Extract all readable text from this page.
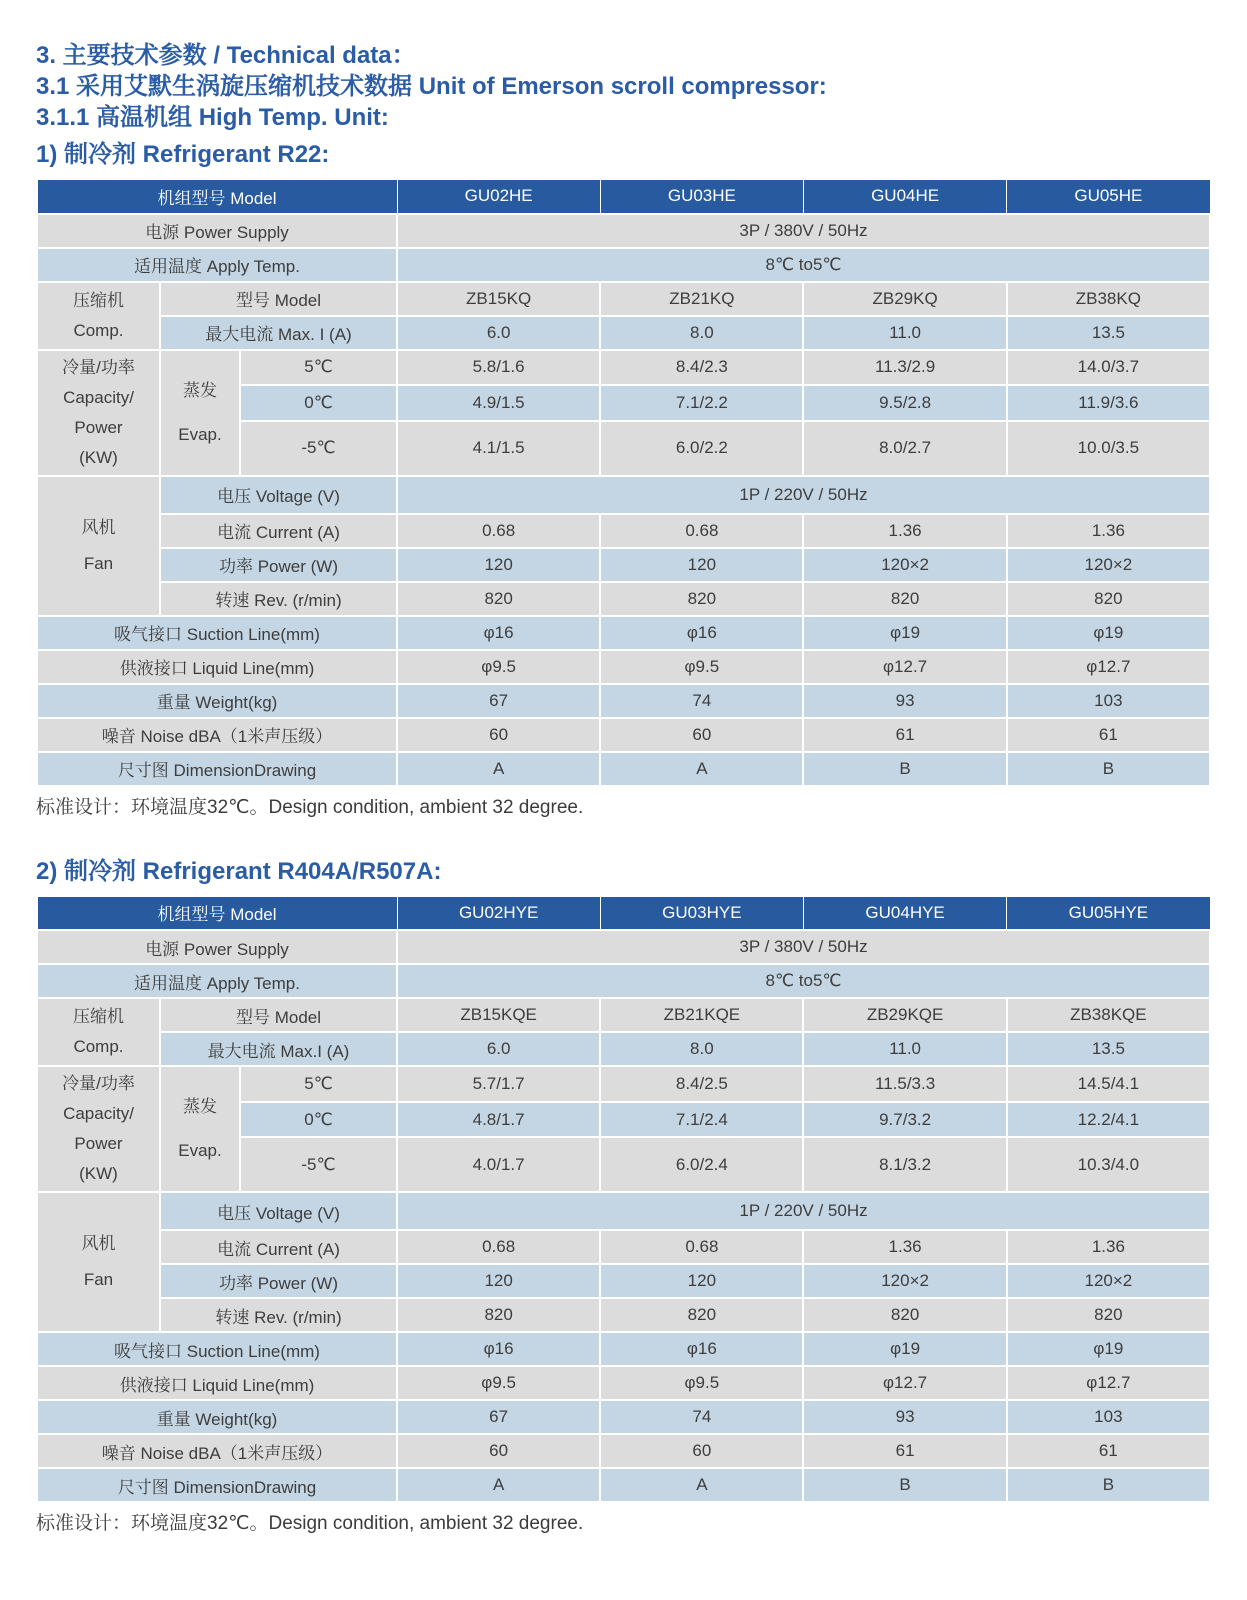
3. 主要技术参数 / Technical data：
3.1 采用艾默生涡旋压缩机技术数据 Unit of Emerson scroll compressor:
3.1.1 高温机组 High Temp. Unit:
1) 制冷剂 Refrigerant R22:
机组型号 Model			GU02HE	GU03HE	GU04HE	GU05HE
电源 Power Supply			3P / 380V / 50Hz			
适用温度 Apply Temp.			8℃ to5℃			

压缩机
Comp.	型号 Model		ZB15KQ	ZB21KQ	ZB29KQ	ZB38KQ
	最大电流 Max. I (A)		6.0	8.0	11.0	13.5

冷量/功率
Capacity/
Power
(KW)

蒸发
Evap.
	5℃	5.8/1.6	8.4/2.3	11.3/2.9	14.0/3.7
		0℃	4.9/1.5	7.1/2.2	9.5/2.8	11.9/3.6
		-5℃	4.1/1.5	6.0/2.2	8.0/2.7	10.0/3.5

风机
Fan	电压 Voltage (V)		1P / 220V / 50Hz			
	电流 Current (A)		0.68	0.68	1.36	1.36
	功率 Power (W)		120	120	120×2	120×2
	转速 Rev. (r/min)		820	820	820	820
吸气接口 Suction Line(mm)			φ16	φ16	φ19	φ19
供液接口 Liquid Line(mm)			φ9.5	φ9.5	φ12.7	φ12.7
重量 Weight(kg)			67	74	93	103
噪音 Noise dBA（1米声压级）			60	60	61	61
尺寸图 DimensionDrawing			A	A	B	B

标准设计：环境温度32℃。Design condition, ambient 32 degree.

2) 制冷剂 Refrigerant R404A/R507A:
机组型号 Model			GU02HYE	GU03HYE	GU04HYE	GU05HYE
电源 Power Supply			3P / 380V / 50Hz			
适用温度 Apply Temp.			8℃ to5℃			

压缩机
Comp.	型号 Model		ZB15KQE	ZB21KQE	ZB29KQE	ZB38KQE
	最大电流 Max.I (A)		6.0	8.0	11.0	13.5

冷量/功率
Capacity/
Power
(KW)

蒸发
Evap.
	5℃	5.7/1.7	8.4/2.5	11.5/3.3	14.5/4.1
		0℃	4.8/1.7	7.1/2.4	9.7/3.2	12.2/4.1
		-5℃	4.0/1.7	6.0/2.4	8.1/3.2	10.3/4.0

风机
Fan	电压 Voltage (V)		1P / 220V / 50Hz			
	电流 Current (A)		0.68	0.68	1.36	1.36
	功率 Power (W)		120	120	120×2	120×2
	转速 Rev. (r/min)		820	820	820	820
吸气接口 Suction Line(mm)			φ16	φ16	φ19	φ19
供液接口 Liquid Line(mm)			φ9.5	φ9.5	φ12.7	φ12.7
重量 Weight(kg)			67	74	93	103
噪音 Noise dBA（1米声压级）			60	60	61	61
尺寸图 DimensionDrawing			A	A	B	B

标准设计：环境温度32℃。Design condition, ambient 32 degree.
